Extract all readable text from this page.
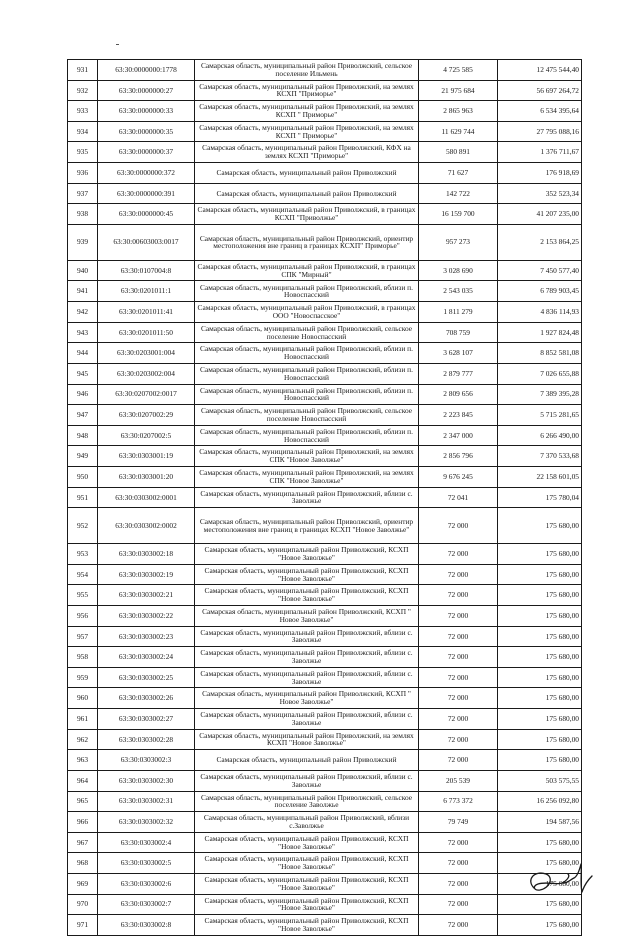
931	63:30:0000000:1778	Самарская область, муниципальный район Приволжский, сельское поселение Ильмень	4 725 585	12 475 544,40
932	63:30:0000000:27	Самарская область, муниципальный район Приволжский, на землях КСХП "Приморье"	21 975 684	56 697 264,72
933	63:30:0000000:33	Самарская область, муниципальный район Приволжский, на землях КСХП " Приморье"	2 865 963	6 534 395,64
934	63:30:0000000:35	Самарская область, муниципальный район Приволжский, на землях КСХП " Приморье"	11 629 744	27 795 088,16
935	63:30:0000000:37	Самарская область, муниципальный район Приволжский, КФХ на землях КСХП "Приморье"	580 891	1 376 711,67
936	63:30:0000000:372	Самарская область, муниципальный район Приволжский	71 627	176 918,69
937	63:30:0000000:391	Самарская область, муниципальный район Приволжский	142 722	352 523,34
938	63:30:0000000:45	Самарская область, муниципальный район Приволжский, в границах КСХП "Приволжье"	16 159 700	41 207 235,00
939	63:30:00603003:0017	Самарская область, муниципальный район Приволжский, ориентир местоположения вне границ в границах КСХП" Приморье"	957 273	2 153 864,25
940	63:30:0107004:8	Самарская область, муниципальный район Приволжский, в границах СПК "Мирный"	3 028 690	7 450 577,40
941	63:30:0201011:1	Самарская область, муниципальный район Приволжский, вблизи п. Новоспасский	2 543 035	6 789 903,45
942	63:30:0201011:41	Самарская область, муниципальный район Приволжский, в границах ООО "Новоспасское"	1 811 279	4 836 114,93
943	63:30:0201011:50	Самарская область, муниципальный район Приволжский, сельское поселение Новоспасский	708 759	1 927 824,48
944	63:30:0203001:004	Самарская область, муниципальный район Приволжский, вблизи п. Новоспасский	3 628 107	8 852 581,08
945	63:30:0203002:004	Самарская область, муниципальный район Приволжский, вблизи п. Новоспасский	2 879 777	7 026 655,88
946	63:30:0207002:0017	Самарская область, муниципальный район Приволжский, вблизи п. Новоспасский	2 809 656	7 389 395,28
947	63:30:0207002:29	Самарская область, муниципальный район Приволжский, сельское поселение Новоспасский	2 223 845	5 715 281,65
948	63:30:0207002:5	Самарская область, муниципальный район Приволжский, вблизи п. Новоспасский	2 347 000	6 266 490,00
949	63:30:0303001:19	Самарская область, муниципальный район Приволжский, на землях СПК "Новое Заволжье"	2 856 796	7 370 533,68
950	63:30:0303001:20	Самарская область, муниципальный район Приволжский, на землях СПК "Новое Заволжье"	9 676 245	22 158 601,05
951	63:30:0303002:0001	Самарская область, муниципальный район Приволжский, вблизи с. Заволжье	72 041	175 780,04
952	63:30:0303002:0002	Самарская область, муниципальный район Приволжский, ориентир местоположения вне границ в границах КСХП "Новое Заволжье"	72 000	175 680,00
953	63:30:0303002:18	Самарская область, муниципальный район Приволжский, КСХП "Новое Заволжье"	72 000	175 680,00
954	63:30:0303002:19	Самарская область, муниципальный район Приволжский, КСХП "Новое Заволжье"	72 000	175 680,00
955	63:30:0303002:21	Самарская область, муниципальный район Приволжский, КСХП "Новое Заволжье"	72 000	175 680,00
956	63:30:0303002:22	Самарская область, муниципальный район Приволжский, КСХП " Новое Заволжье"	72 000	175 680,00
957	63:30:0303002:23	Самарская область, муниципальный район Приволжский, вблизи с. Заволжье	72 000	175 680,00
958	63:30:0303002:24	Самарская область, муниципальный район Приволжский, вблизи с. Заволжье	72 000	175 680,00
959	63:30:0303002:25	Самарская область, муниципальный район Приволжский, вблизи с. Заволжье	72 000	175 680,00
960	63:30:0303002:26	Самарская область, муниципальный район Приволжский, КСХП " Новое Заволжье"	72 000	175 680,00
961	63:30:0303002:27	Самарская область, муниципальный район Приволжский, вблизи с. Заволжье	72 000	175 680,00
962	63:30:0303002:28	Самарская область, муниципальный район Приволжский, на землях КСХП "Новое Заволжье"	72 000	175 680,00
963	63:30:0303002:3	Самарская область, муниципальный район Приволжский	72 000	175 680,00
964	63:30:0303002:30	Самарская область, муниципальный район Приволжский, вблизи с. Заволжье	205 539	503 575,55
965	63:30:0303002:31	Самарская область, муниципальный район Приволжский, сельское поселение Заволжье	6 773 372	16 256 092,80
966	63:30:0303002:32	Самарская область, муниципальный район Приволжский, вблизи с.Заволжье	79 749	194 587,56
967	63:30:0303002:4	Самарская область, муниципальный район Приволжский, КСХП "Новое Заволжье"	72 000	175 680,00
968	63:30:0303002:5	Самарская область, муниципальный район Приволжский, КСХП "Новое Заволжье"	72 000	175 680,00
969	63:30:0303002:6	Самарская область, муниципальный район Приволжский, КСХП "Новое Заволжье"	72 000	175 680,00
970	63:30:0303002:7	Самарская область, муниципальный район Приволжский, КСХП "Новое Заволжье"	72 000	175 680,00
971	63:30:0303002:8	Самарская область, муниципальный район Приволжский, КСХП "Новое Заволжье"	72 000	175 680,00
